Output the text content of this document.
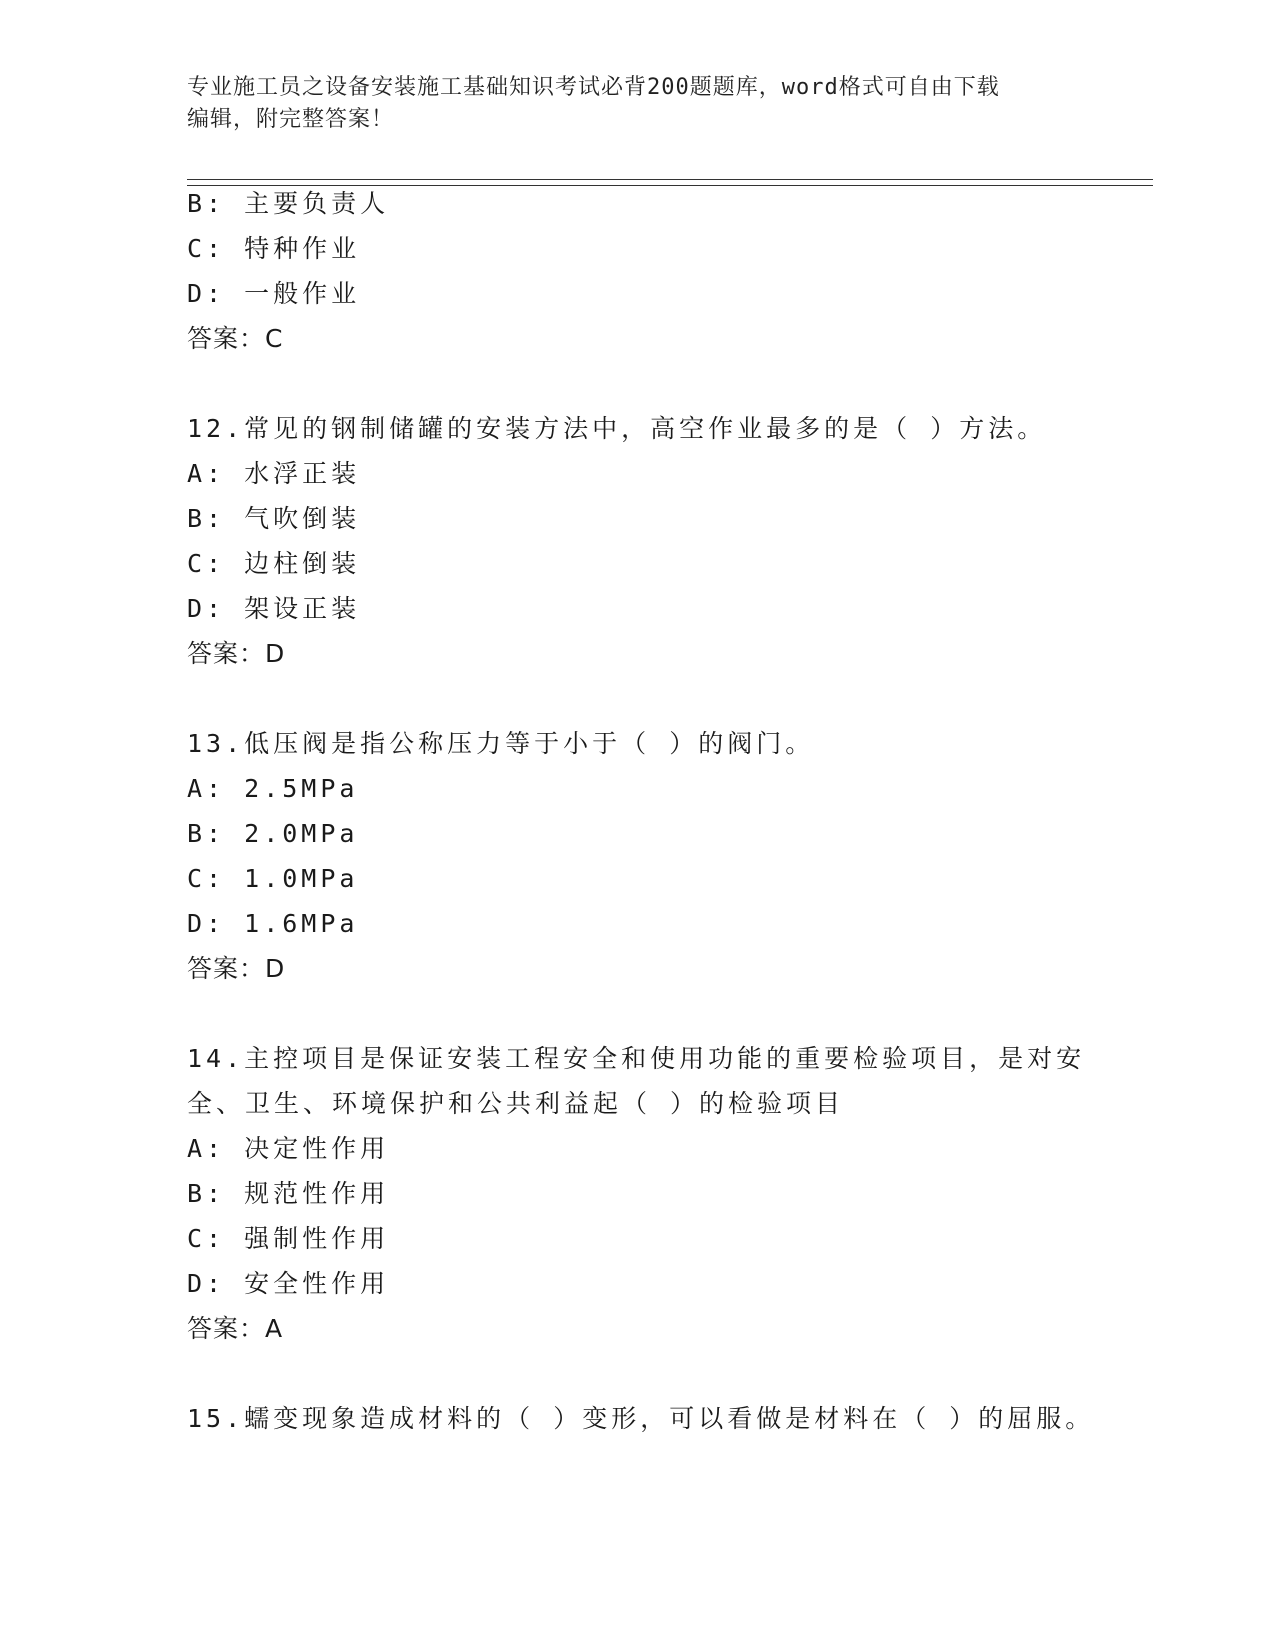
专业施工员之设备安装施工基础知识考试必背200题题库，word格式可自由下载
编辑，附完整答案！
B: 主要负责人
C: 特种作业
D: 一般作业
答案：C
12.常见的钢制储罐的安装方法中，高空作业最多的是（ ）方法。
A: 水浮正装
B: 气吹倒装
C: 边柱倒装
D: 架设正装
答案：D
13.低压阀是指公称压力等于小于（ ）的阀门。
A: 2.5MPa
B: 2.0MPa
C: 1.0MPa
D: 1.6MPa
答案：D
14.主控项目是保证安装工程安全和使用功能的重要检验项目，是对安
全、卫生、环境保护和公共利益起（ ）的检验项目
A: 决定性作用
B: 规范性作用
C: 强制性作用
D: 安全性作用
答案：A
15.蠕变现象造成材料的（ ）变形，可以看做是材料在（ ）的屈服。
